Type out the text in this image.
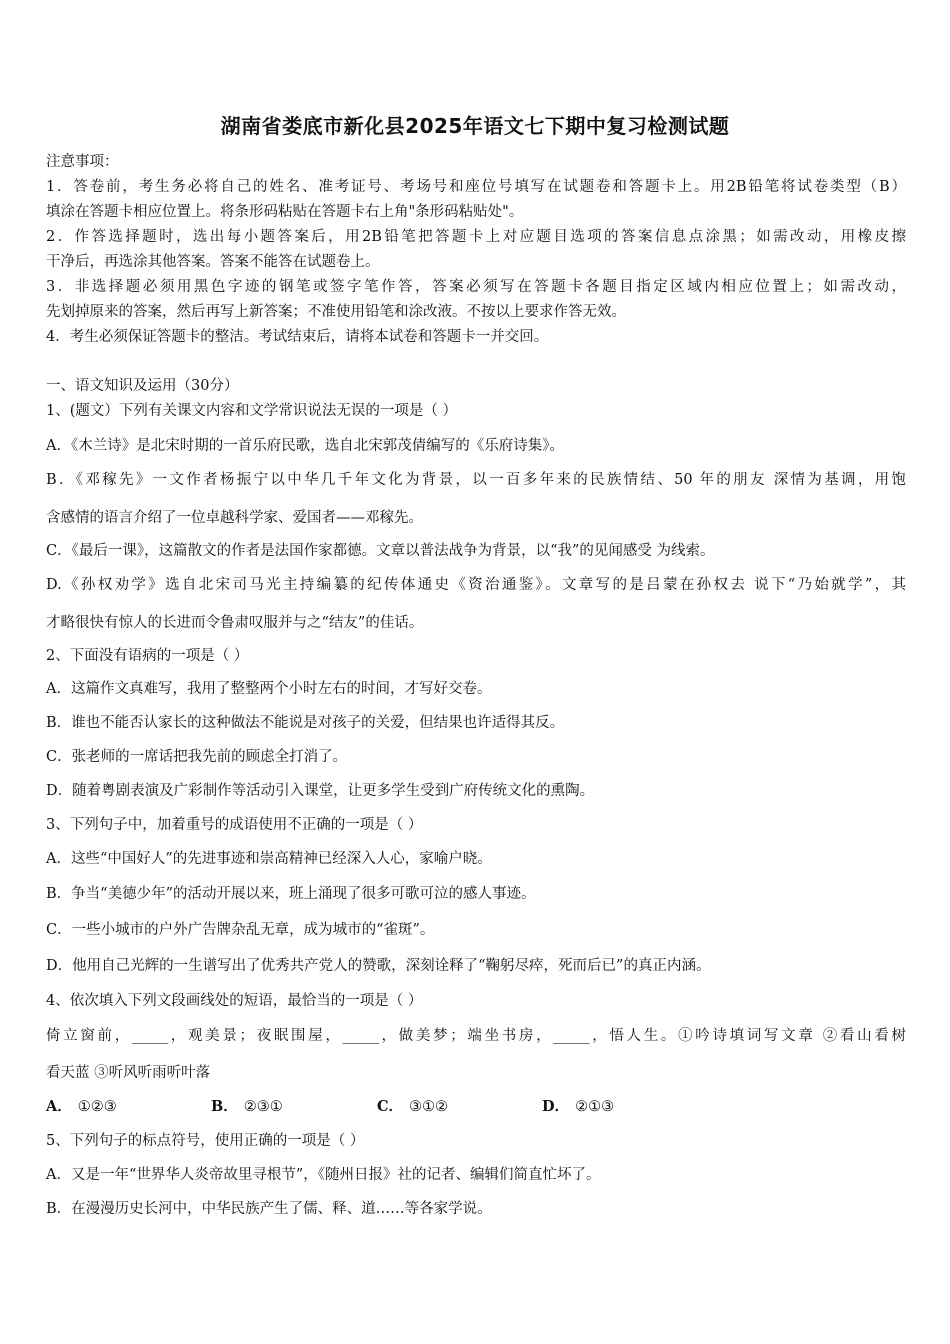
湖南省娄底市新化县2025年语文七下期中复习检测试题
注意事项：
1．答卷前，考生务必将自己的姓名、准考证号、考场号和座位号填写在试题卷和答题卡上。用2B铅笔将试卷类型（B）
填涂在答题卡相应位置上。将条形码粘贴在答题卡右上角"条形码粘贴处"。
2．作答选择题时，选出每小题答案后，用2B铅笔把答题卡上对应题目选项的答案信息点涂黑；如需改动，用橡皮擦
干净后，再选涂其他答案。答案不能答在试题卷上。
3．非选择题必须用黑色字迹的钢笔或签字笔作答，答案必须写在答题卡各题目指定区域内相应位置上；如需改动，
先划掉原来的答案，然后再写上新答案；不准使用铅笔和涂改液。不按以上要求作答无效。
4．考生必须保证答题卡的整洁。考试结束后，请将本试卷和答题卡一并交回。
一、语文知识及运用（30分）
1、(题文）下列有关课文内容和文学常识说法无误的一项是（ ）
A．《木兰诗》是北宋时期的一首乐府民歌，选自北宋郭茂倩编写的《乐府诗集》。
B．《邓稼先》一文作者杨振宁以中华几千年文化为背景，以一百多年来的民族情结、50 年的朋友 深情为基调，用饱
含感情的语言介绍了一位卓越科学家、爱国者——邓稼先。
C．《最后一课》，这篇散文的作者是法国作家都德。文章以普法战争为背景，以“我”的见闻感受 为线索。
D.《孙权劝学》选自北宋司马光主持编纂的纪传体通史《资治通鉴》。文章写的是吕蒙在孙权去 说下“乃始就学”，其
才略很快有惊人的长进而令鲁肃叹服并与之“结友”的佳话。
2、下面没有语病的一项是（ ）
A．这篇作文真难写，我用了整整两个小时左右的时间，才写好交卷。
B．谁也不能否认家长的这种做法不能说是对孩子的关爱，但结果也许适得其反。
C．张老师的一席话把我先前的顾虑全打消了。
D．随着粤剧表演及广彩制作等活动引入课堂，让更多学生受到广府传统文化的熏陶。
3、下列句子中，加着重号的成语使用不正确的一项是（ ）
A．这些“中国好人”的先进事迹和崇高精神已经深入人心，家喻户晓。
B．争当“美德少年”的活动开展以来，班上涌现了很多可歌可泣的感人事迹。
C．一些小城市的户外广告牌杂乱无章，成为城市的“雀斑”。
D．他用自己光辉的一生谱写出了优秀共产党人的赞歌，深刻诠释了“鞠躬尽瘁，死而后已”的真正内涵。
4、依次填入下列文段画线处的短语，最恰当的一项是（ ）
倚立窗前，_____，观美景；夜眠围屋，_____，做美梦；端坐书房，_____，悟人生。①吟诗填词写文章 ②看山看树
看天蓝 ③听风听雨听叶落
A． ①②③	B． ②③①	C． ③①②	D． ②①③
5、下列句子的标点符号，使用正确的一项是（ ）
A．又是一年“世界华人炎帝故里寻根节”，《随州日报》社的记者、编辑们简直忙坏了。
B．在漫漫历史长河中，中华民族产生了儒、释、道……等各家学说。
